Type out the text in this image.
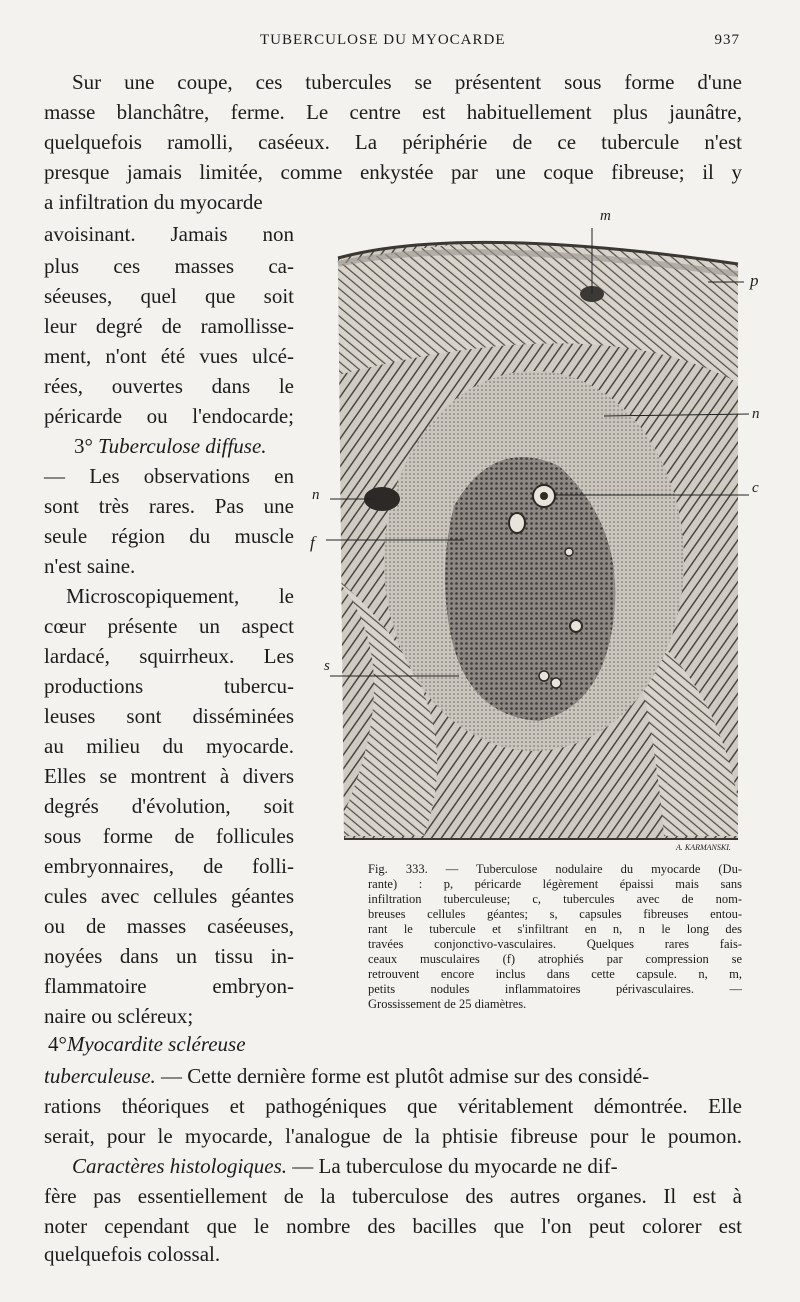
TUBERCULOSE DU MYOCARDE	937
Sur une coupe, ces tubercules se présentent sous forme d'une
masse blanchâtre, ferme. Le centre est habituellement plus jaunâtre,
quelquefois ramolli, caséeux. La périphérie de ce tubercule n'est
presque jamais limitée, comme enkystée par une coque fibreuse; il y
a infiltration du myocarde
avoisinant. Jamais non
plus ces masses ca-
séeuses, quel que soit
leur degré de ramollisse-
ment, n'ont été vues ulcé-
rées, ouvertes dans le
péricarde ou l'endocarde;
3° Tuberculose diffuse.
— Les observations en
sont très rares. Pas une
seule région du muscle
n'est saine.
Microscopiquement, le
cœur présente un aspect
lardacé, squirrheux. Les
productions tubercu-
leuses sont disséminées
au milieu du myocarde.
Elles se montrent à divers
degrés d'évolution, soit
sous forme de follicules
embryonnaires, de folli-
cules avec cellules géantes
ou de masses caséeuses,
noyées dans un tissu in-
flammatoire embryon-
naire ou scléreux;
4°Myocardite scléreuse
tuberculeuse. — Cette dernière forme est plutôt admise sur des considé-
rations théoriques et pathogéniques que véritablement démontrée. Elle
serait, pour le myocarde, l'analogue de la phtisie fibreuse pour le poumon.
Caractères histologiques. — La tuberculose du myocarde ne dif-
fère pas essentiellement de la tuberculose des autres organes. Il est à
noter cependant que le nombre des bacilles que l'on peut colorer est
quelquefois colossal.
m
p
n
c
n
f
s
A. KARMANSKI.
Fig. 333. — Tuberculose nodulaire du myocarde (Du-
rante) : p, péricarde légèrement épaissi mais sans
infiltration tuberculeuse; c, tubercules avec de nom-
breuses cellules géantes; s, capsules fibreuses entou-
rant le tubercule et s'infiltrant en n, n le long des
travées conjonctivo-vasculaires. Quelques rares fais-
ceaux musculaires (f) atrophiés par compression se
retrouvent encore inclus dans cette capsule. n, m,
petits nodules inflammatoires périvasculaires. —
Grossissement de 25 diamètres.
